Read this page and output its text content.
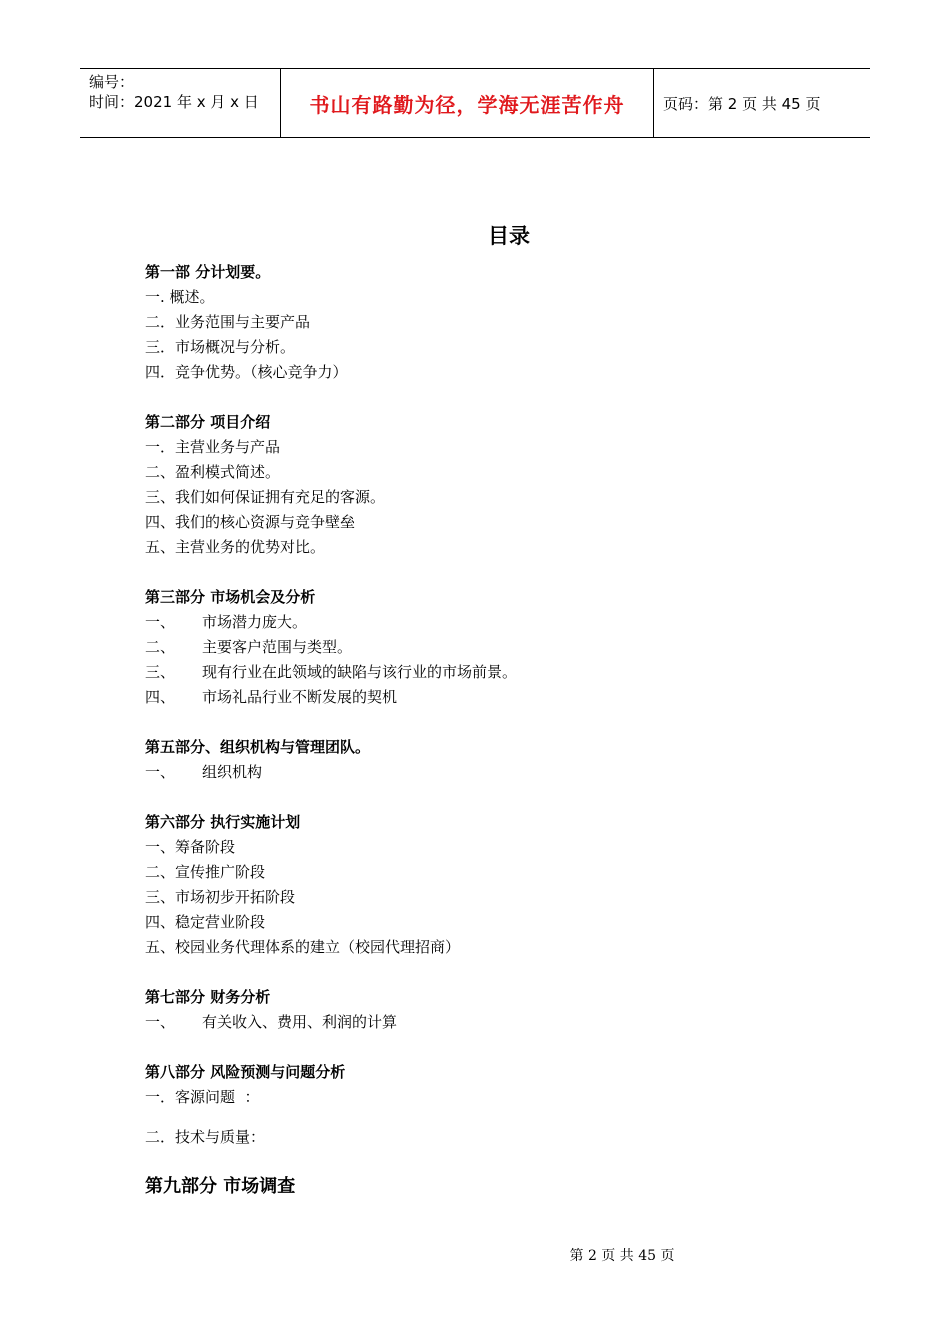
编号：
时间：2021 年 x 月 x 日	书山有路勤为径，学海无涯苦作舟	页码：第 2 页 共 45 页
目录
第一部 分计划要。
一. 概述。
二．业务范围与主要产品
三．市场概况与分析。
四．竞争优势。（核心竞争力）
第二部分 项目介绍
一．主营业务与产品
二、盈利模式简述。
三、我们如何保证拥有充足的客源。
四、我们的核心资源与竞争壁垒
五、主营业务的优势对比。
第三部分 市场机会及分析
一、 市场潜力庞大。
二、 主要客户范围与类型。
三、 现有行业在此领域的缺陷与该行业的市场前景。
四、 市场礼品行业不断发展的契机
第五部分、组织机构与管理团队。
一、 组织机构
第六部分 执行实施计划
一、筹备阶段
二、宣传推广阶段
三、市场初步开拓阶段
四、稳定营业阶段
五、校园业务代理体系的建立（校园代理招商）
第七部分 财务分析
一、 有关收入、费用、利润的计算
第八部分 风险预测与问题分析
一．客源问题  ：
二．技术与质量：
第九部分 市场调查
第 2 页 共 45 页
